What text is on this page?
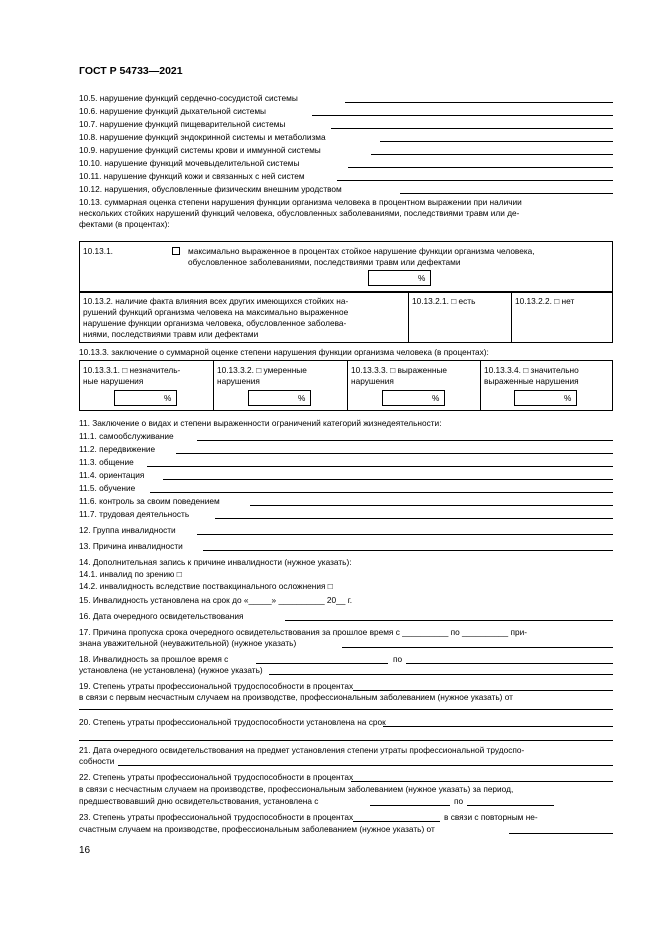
ГОСТ Р 54733—2021
10.5. нарушение функций сердечно-сосудистой системы
10.6. нарушение функций дыхательной системы
10.7. нарушение функций пищеварительной системы
10.8. нарушение функций эндокринной системы и метаболизма
10.9. нарушение функций системы крови и иммунной системы
10.10. нарушение функций мочевыделительной системы
10.11. нарушение функций кожи и связанных с ней систем
10.12. нарушения, обусловленные физическим внешним уродством
10.13. суммарная оценка степени нарушения функции организма человека в процентном выражении при наличии
нескольких стойких нарушений функций человека, обусловленных заболеваниями, последствиями травм или де-
фектами (в процентах):
10.13.1.	максимально выраженное в процентах стойкое нарушение функции организма человека,
обусловленное заболеваниями, последствиями травм или дефектами
%
10.13.2. наличие факта влияния всех других имеющихся стойких на-
рушений функций организма человека на максимально выраженное
нарушение функции организма человека, обусловленное заболева-
ниями, последствиями травм или дефектами
10.13.2.1. □ есть	10.13.2.2. □ нет
10.13.3. заключение о суммарной оценке степени нарушения функции организма человека (в процентах):
10.13.3.1. □ незначитель-
ные нарушения
%
10.13.3.2. □ умеренные
нарушения
%
10.13.3.3. □ выраженные
нарушения
%
10.13.3.4. □ значительно
выраженные нарушения
%
11. Заключение о видах и степени выраженности ограничений категорий жизнедеятельности:
11.1. самообслуживание
11.2. передвижение
11.3. общение
11.4. ориентация
11.5. обучение
11.6. контроль за своим поведением
11.7. трудовая деятельность
12. Группа инвалидности
13. Причина инвалидности
14. Дополнительная запись к причине инвалидности (нужное указать):
14.1. инвалид по зрению □
14.2. инвалидность вследствие поствакцинального осложнения □
15. Инвалидность установлена на срок до «_____» __________ 20__ г.
16. Дата очередного освидетельствования
17. Причина пропуска срока очередного освидетельствования за прошлое время с __________ по __________ при-
знана уважительной (неуважительной) (нужное указать)
18. Инвалидность за прошлое время с	по
установлена (не установлена) (нужное указать)
19. Степень утраты профессиональной трудоспособности в процентах
в связи с первым несчастным случаем на производстве, профессиональным заболеванием (нужное указать) от
20. Степень утраты профессиональной трудоспособности установлена на срок
21. Дата очередного освидетельствования на предмет установления степени утраты профессиональной трудоспо-
собности
22. Степень утраты профессиональной трудоспособности в процентах
в связи с несчастным случаем на производстве, профессиональным заболеванием (нужное указать) за период,
предшествовавший дню освидетельствования, установлена с	по
23. Степень утраты профессиональной трудоспособности в процентах	в связи с повторным не-
счастным случаем на производстве, профессиональным заболеванием (нужное указать) от
16
